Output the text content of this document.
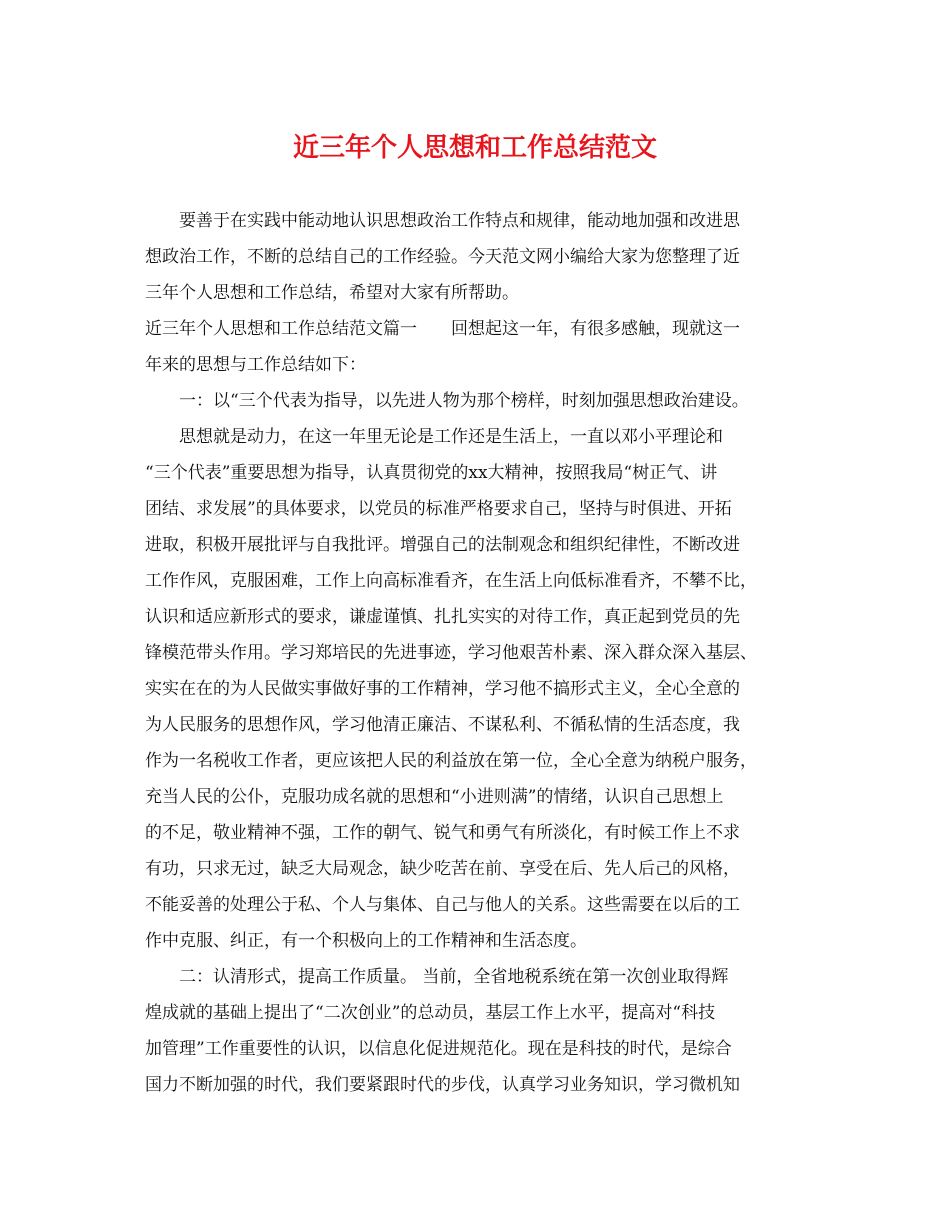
近三年个人思想和工作总结范文
要善于在实践中能动地认识思想政治工作特点和规律，能动地加强和改进思
想政治工作，不断的总结自己的工作经验。今天范文网小编给大家为您整理了近
三年个人思想和工作总结，希望对大家有所帮助。
近三年个人思想和工作总结范文篇一　　回想起这一年，有很多感触，现就这一
年来的思想与工作总结如下：
一：以“三个代表为指导，以先进人物为那个榜样，时刻加强思想政治建设。
思想就是动力，在这一年里无论是工作还是生活上，一直以邓小平理论和
“三个代表”重要思想为指导，认真贯彻党的xx大精神，按照我局“树正气、讲
团结、求发展”的具体要求，以党员的标准严格要求自己，坚持与时俱进、开拓
进取，积极开展批评与自我批评。增强自己的法制观念和组织纪律性，不断改进
工作作风，克服困难，工作上向高标准看齐，在生活上向低标准看齐，不攀不比，
认识和适应新形式的要求，谦虚谨慎、扎扎实实的对待工作，真正起到党员的先
锋模范带头作用。学习郑培民的先进事迹，学习他艰苦朴素、深入群众深入基层、
实实在在的为人民做实事做好事的工作精神，学习他不搞形式主义，全心全意的
为人民服务的思想作风，学习他清正廉洁、不谋私利、不循私情的生活态度，我
作为一名税收工作者，更应该把人民的利益放在第一位，全心全意为纳税户服务，
充当人民的公仆，克服功成名就的思想和“小进则满”的情绪，认识自己思想上
的不足，敬业精神不强，工作的朝气、锐气和勇气有所淡化，有时候工作上不求
有功，只求无过，缺乏大局观念，缺少吃苦在前、享受在后、先人后己的风格，
不能妥善的处理公于私、个人与集体、自己与他人的关系。这些需要在以后的工
作中克服、纠正，有一个积极向上的工作精神和生活态度。
二：认清形式，提高工作质量。 当前，全省地税系统在第一次创业取得辉
煌成就的基础上提出了“二次创业”的总动员，基层工作上水平，提高对“科技
加管理”工作重要性的认识，以信息化促进规范化。现在是科技的时代，是综合
国力不断加强的时代，我们要紧跟时代的步伐，认真学习业务知识，学习微机知
